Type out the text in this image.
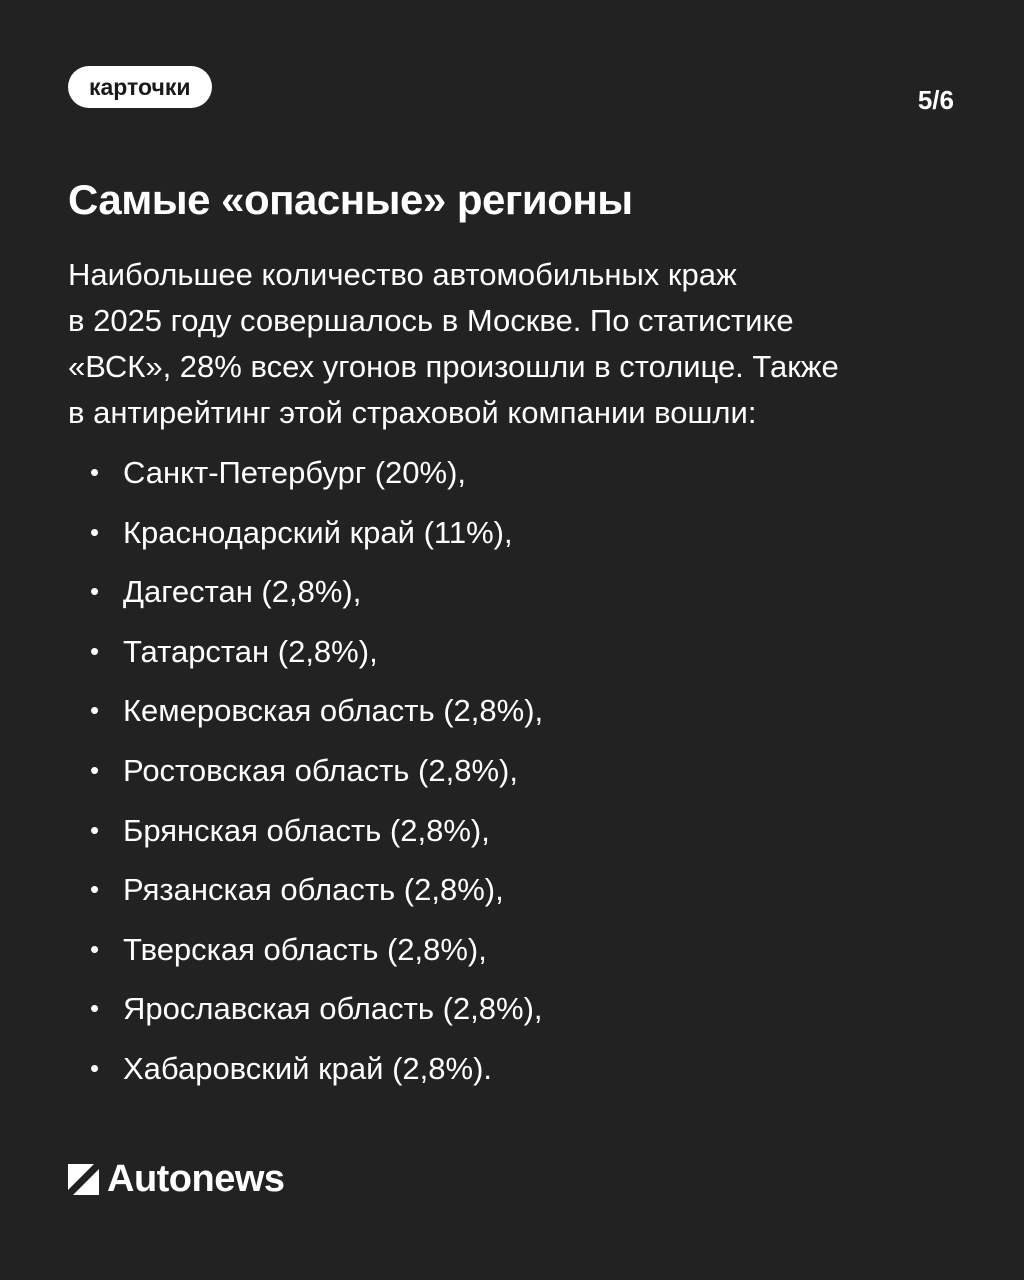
карточки	5/6
Самые «опасные» регионы

Наибольшее количество автомобильных краж
в 2025 году совершалось в Москве. По статистике
«ВСК», 28% всех угонов произошли в столице. Также
в антирейтинг этой страховой компании вошли:

• Санкт-Петербург (20%),
• Краснодарский край (11%),
• Дагестан (2,8%),
• Татарстан (2,8%),
• Кемеровская область (2,8%),
• Ростовская область (2,8%),
• Брянская область (2,8%),
• Рязанская область (2,8%),
• Тверская область (2,8%),
• Ярославская область (2,8%),
• Хабаровский край (2,8%).
Autonews
